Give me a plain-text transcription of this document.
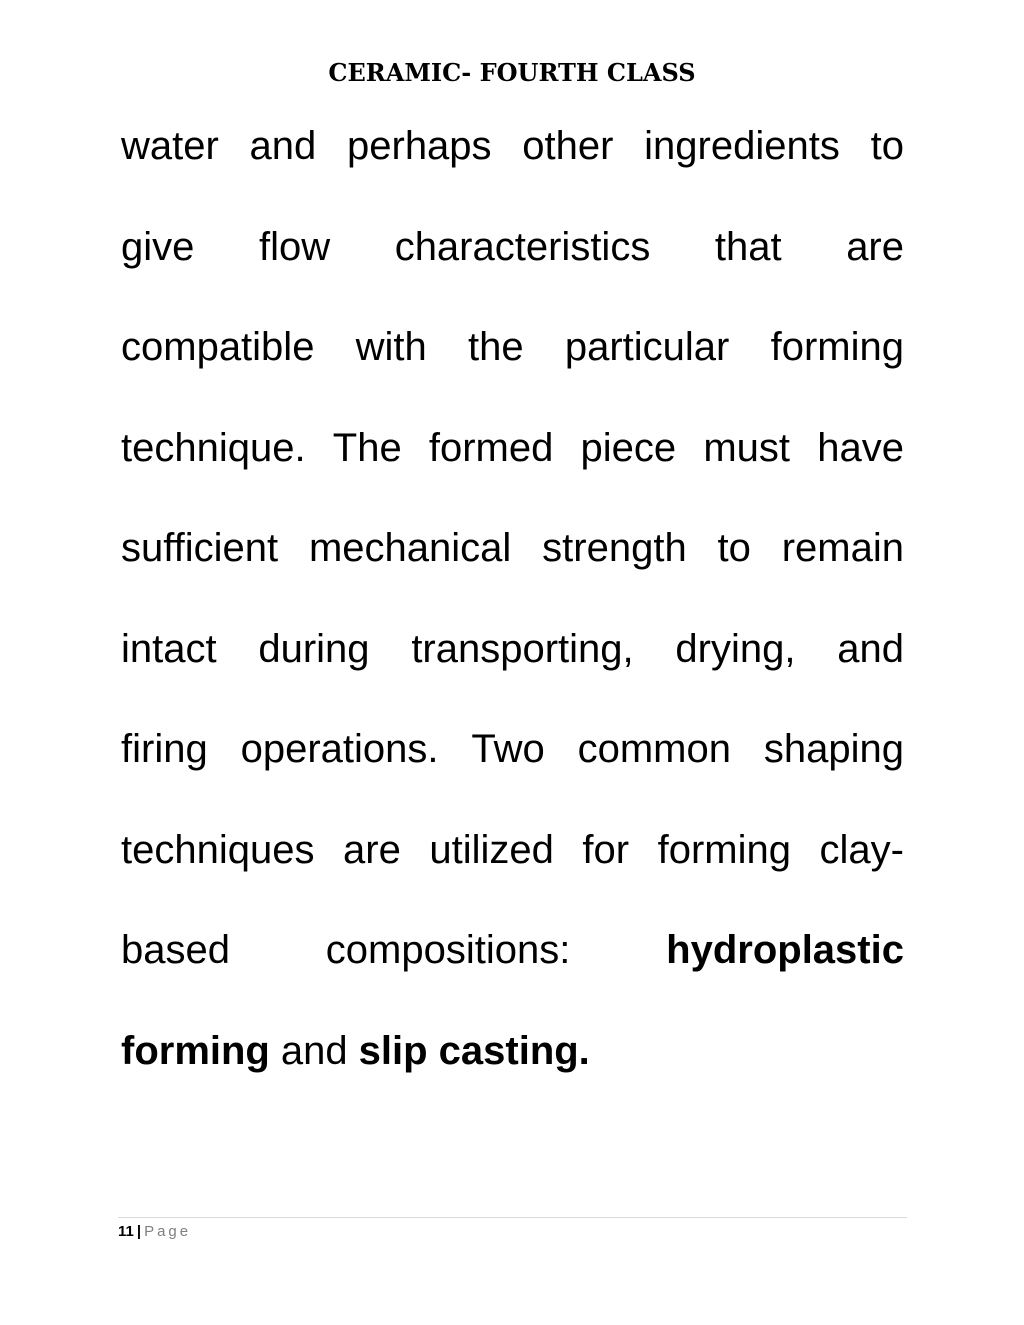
CERAMIC- FOURTH CLASS
water and perhaps other ingredients to
give flow characteristics that are
compatible with the particular forming
technique. The formed piece must have
sufficient mechanical strength to remain
intact during transporting, drying, and
firing operations. Two common shaping
techniques are utilized for forming clay-
based compositions: hydroplastic
forming and slip casting.
11 | Page
